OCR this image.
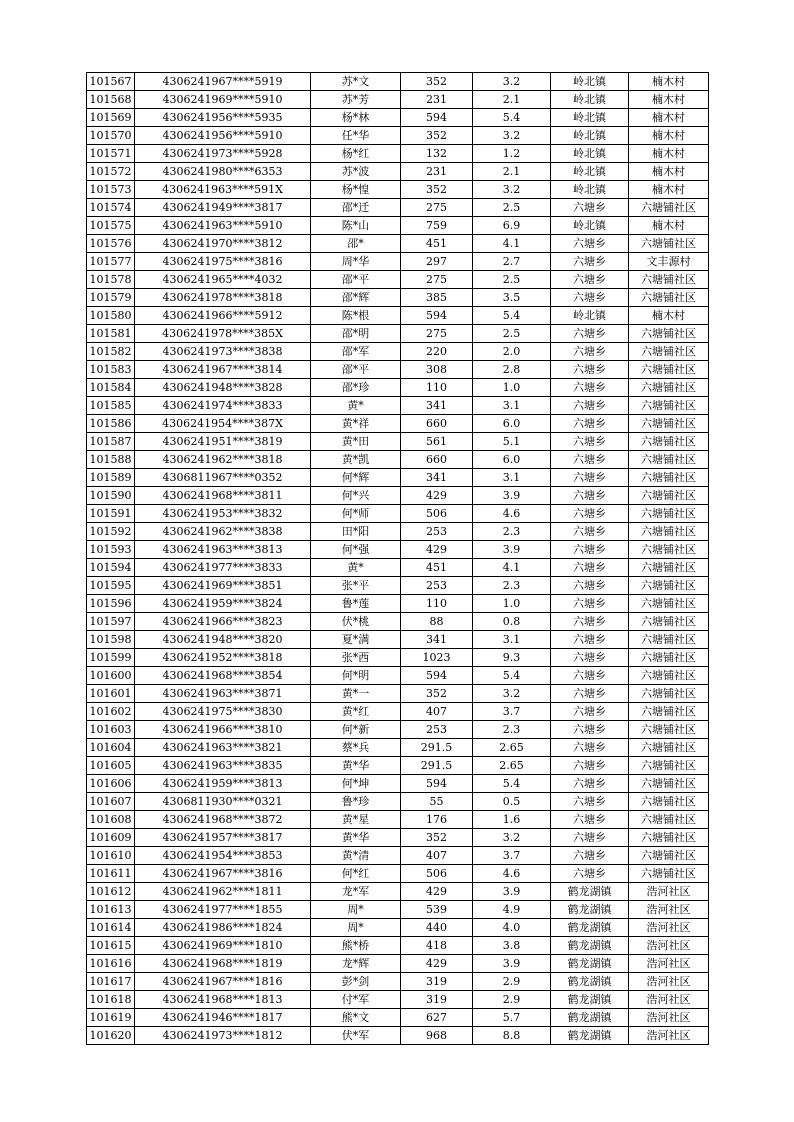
101567	4306241967****5919	苏*文	352	3.2	岭北镇	楠木村
101568	4306241969****5910	苏*芳	231	2.1	岭北镇	楠木村
101569	4306241956****5935	杨*林	594	5.4	岭北镇	楠木村
101570	4306241956****5910	任*华	352	3.2	岭北镇	楠木村
101571	4306241973****5928	杨*红	132	1.2	岭北镇	楠木村
101572	4306241980****6353	苏*波	231	2.1	岭北镇	楠木村
101573	4306241963****591X	杨*惶	352	3.2	岭北镇	楠木村
101574	4306241949****3817	邵*迁	275	2.5	六塘乡	六塘铺社区
101575	4306241963****5910	陈*山	759	6.9	岭北镇	楠木村
101576	4306241970****3812	邵*	451	4.1	六塘乡	六塘铺社区
101577	4306241975****3816	周*华	297	2.7	六塘乡	文丰源村
101578	4306241965****4032	邵*平	275	2.5	六塘乡	六塘铺社区
101579	4306241978****3818	邵*辉	385	3.5	六塘乡	六塘铺社区
101580	4306241966****5912	陈*根	594	5.4	岭北镇	楠木村
101581	4306241978****385X	邵*明	275	2.5	六塘乡	六塘铺社区
101582	4306241973****3838	邵*军	220	2.0	六塘乡	六塘铺社区
101583	4306241967****3814	邵*平	308	2.8	六塘乡	六塘铺社区
101584	4306241948****3828	邵*珍	110	1.0	六塘乡	六塘铺社区
101585	4306241974****3833	黄*	341	3.1	六塘乡	六塘铺社区
101586	4306241954****387X	黄*祥	660	6.0	六塘乡	六塘铺社区
101587	4306241951****3819	黄*田	561	5.1	六塘乡	六塘铺社区
101588	4306241962****3818	黄*凯	660	6.0	六塘乡	六塘铺社区
101589	4306811967****0352	何*辉	341	3.1	六塘乡	六塘铺社区
101590	4306241968****3811	何*兴	429	3.9	六塘乡	六塘铺社区
101591	4306241953****3832	何*师	506	4.6	六塘乡	六塘铺社区
101592	4306241962****3838	田*阳	253	2.3	六塘乡	六塘铺社区
101593	4306241963****3813	何*强	429	3.9	六塘乡	六塘铺社区
101594	4306241977****3833	黄*	451	4.1	六塘乡	六塘铺社区
101595	4306241969****3851	张*平	253	2.3	六塘乡	六塘铺社区
101596	4306241959****3824	鲁*莲	110	1.0	六塘乡	六塘铺社区
101597	4306241966****3823	伏*桃	88	0.8	六塘乡	六塘铺社区
101598	4306241948****3820	夏*满	341	3.1	六塘乡	六塘铺社区
101599	4306241952****3818	张*西	1023	9.3	六塘乡	六塘铺社区
101600	4306241968****3854	何*明	594	5.4	六塘乡	六塘铺社区
101601	4306241963****3871	黄*一	352	3.2	六塘乡	六塘铺社区
101602	4306241975****3830	黄*红	407	3.7	六塘乡	六塘铺社区
101603	4306241966****3810	何*新	253	2.3	六塘乡	六塘铺社区
101604	4306241963****3821	蔡*兵	291.5	2.65	六塘乡	六塘铺社区
101605	4306241963****3835	黄*华	291.5	2.65	六塘乡	六塘铺社区
101606	4306241959****3813	何*坤	594	5.4	六塘乡	六塘铺社区
101607	4306811930****0321	鲁*珍	55	0.5	六塘乡	六塘铺社区
101608	4306241968****3872	黄*星	176	1.6	六塘乡	六塘铺社区
101609	4306241957****3817	黄*华	352	3.2	六塘乡	六塘铺社区
101610	4306241954****3853	黄*清	407	3.7	六塘乡	六塘铺社区
101611	4306241967****3816	何*红	506	4.6	六塘乡	六塘铺社区
101612	4306241962****1811	龙*军	429	3.9	鹤龙湖镇	浩河社区
101613	4306241977****1855	周*	539	4.9	鹤龙湖镇	浩河社区
101614	4306241986****1824	周*	440	4.0	鹤龙湖镇	浩河社区
101615	4306241969****1810	熊*桥	418	3.8	鹤龙湖镇	浩河社区
101616	4306241968****1819	龙*辉	429	3.9	鹤龙湖镇	浩河社区
101617	4306241967****1816	彭*剑	319	2.9	鹤龙湖镇	浩河社区
101618	4306241968****1813	付*军	319	2.9	鹤龙湖镇	浩河社区
101619	4306241946****1817	熊*文	627	5.7	鹤龙湖镇	浩河社区
101620	4306241973****1812	伏*军	968	8.8	鹤龙湖镇	浩河社区
